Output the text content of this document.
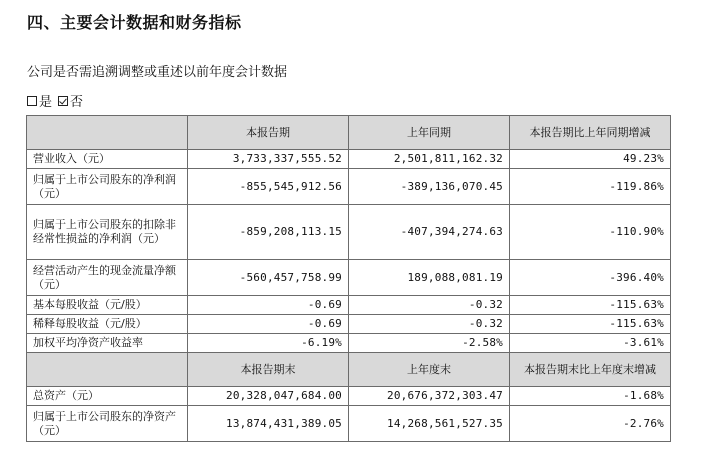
四、主要会计数据和财务指标
公司是否需追溯调整或重述以前年度会计数据
是 否
	本报告期	上年同期	本报告期比上年同期增减
营业收入（元）	3,733,337,555.52	2,501,811,162.32	49.23%
归属于上市公司股东的净利润（元）	-855,545,912.56	-389,136,070.45	-119.86%
归属于上市公司股东的扣除非经常性损益的净利润（元）	-859,208,113.15	-407,394,274.63	-110.90%
经营活动产生的现金流量净额（元）	-560,457,758.99	189,088,081.19	-396.40%
基本每股收益（元/股）	-0.69	-0.32	-115.63%
稀释每股收益（元/股）	-0.69	-0.32	-115.63%
加权平均净资产收益率	-6.19%	-2.58%	-3.61%
	本报告期末	上年度末	本报告期末比上年度末增减
总资产（元）	20,328,047,684.00	20,676,372,303.47	-1.68%
归属于上市公司股东的净资产（元）	13,874,431,389.05	14,268,561,527.35	-2.76%
